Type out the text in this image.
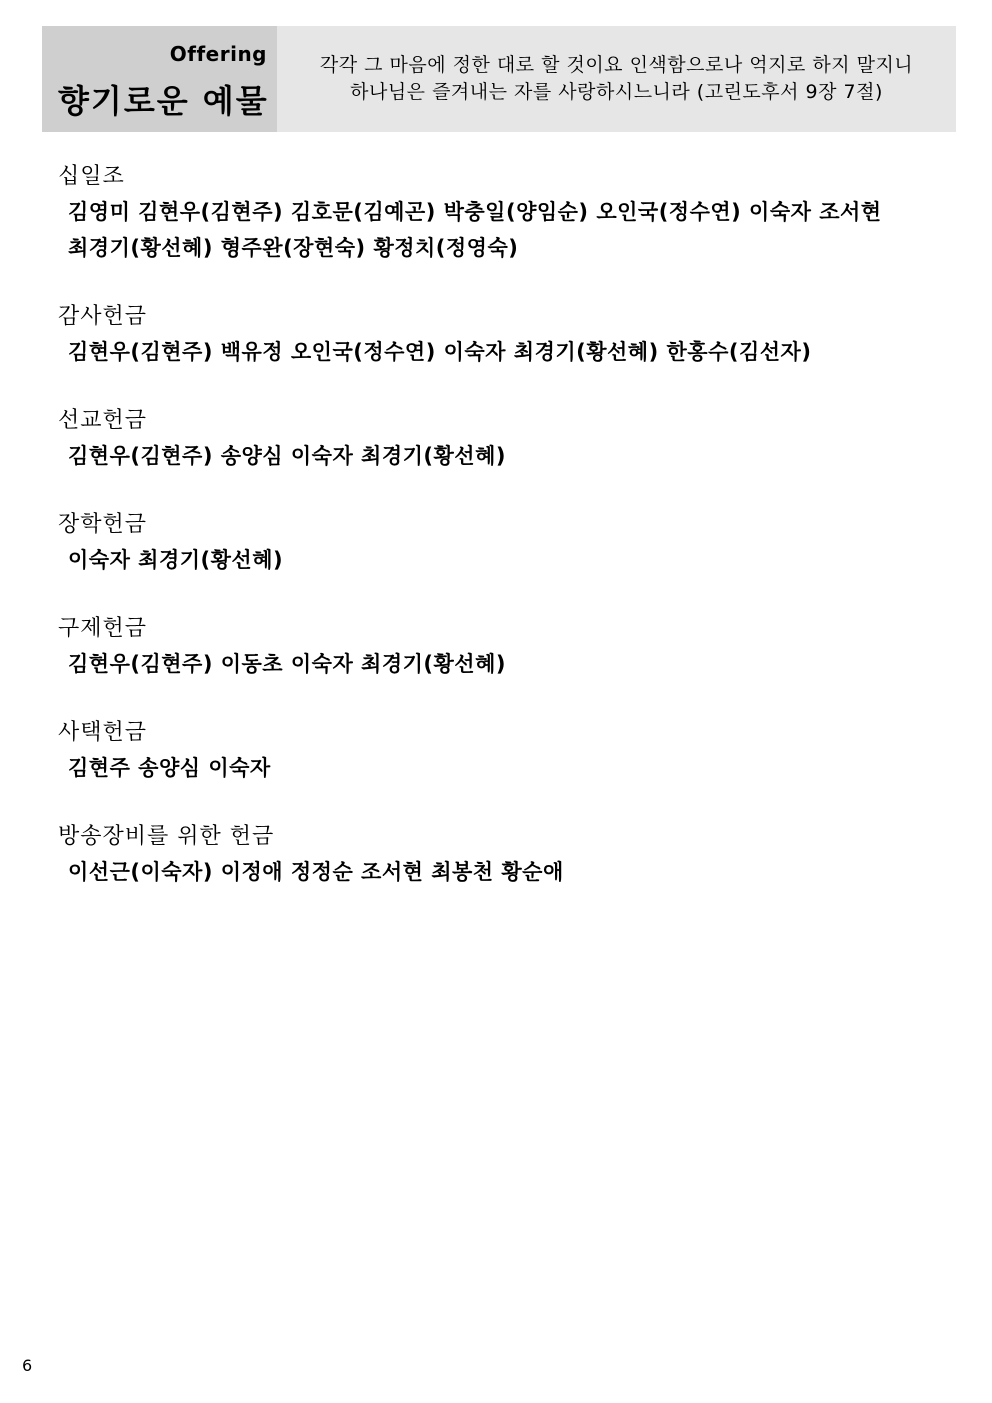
Offering
향기로운 예물
각각 그 마음에 정한 대로 할 것이요 인색함으로나 억지로 하지 말지니
하나님은 즐겨내는 자를 사랑하시느니라 (고린도후서 9장 7절)
십일조
김영미 김현우(김현주) 김호문(김예곤) 박충일(양임순) 오인국(정수연) 이숙자 조서현
최경기(황선혜) 형주완(장현숙) 황정치(정영숙)
감사헌금
김현우(김현주) 백유정 오인국(정수연) 이숙자 최경기(황선혜) 한홍수(김선자)
선교헌금
김현우(김현주) 송양심 이숙자 최경기(황선혜)
장학헌금
이숙자 최경기(황선혜)
구제헌금
김현우(김현주) 이동초 이숙자 최경기(황선혜)
사택헌금
김현주 송양심 이숙자
방송장비를 위한 헌금
이선근(이숙자) 이정애 정정순 조서현 최봉천 황순애
6
